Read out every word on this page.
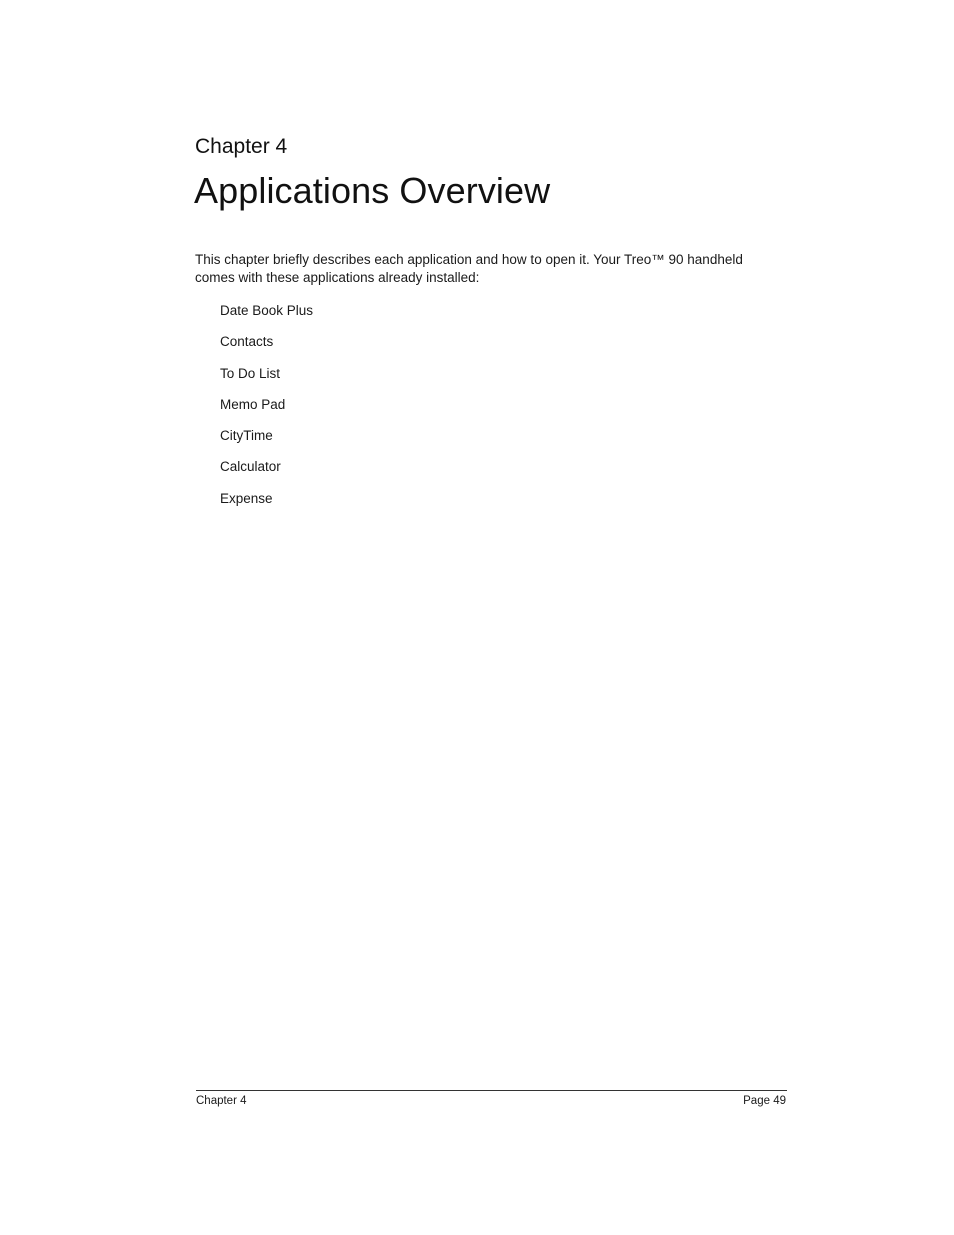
Chapter 4
Applications Overview

This chapter briefly describes each application and how to open it. Your Treo™ 90 handheld comes with these applications already installed:

Date Book Plus
Contacts
To Do List
Memo Pad
CityTime
Calculator
Expense
Chapter 4	Page 49
